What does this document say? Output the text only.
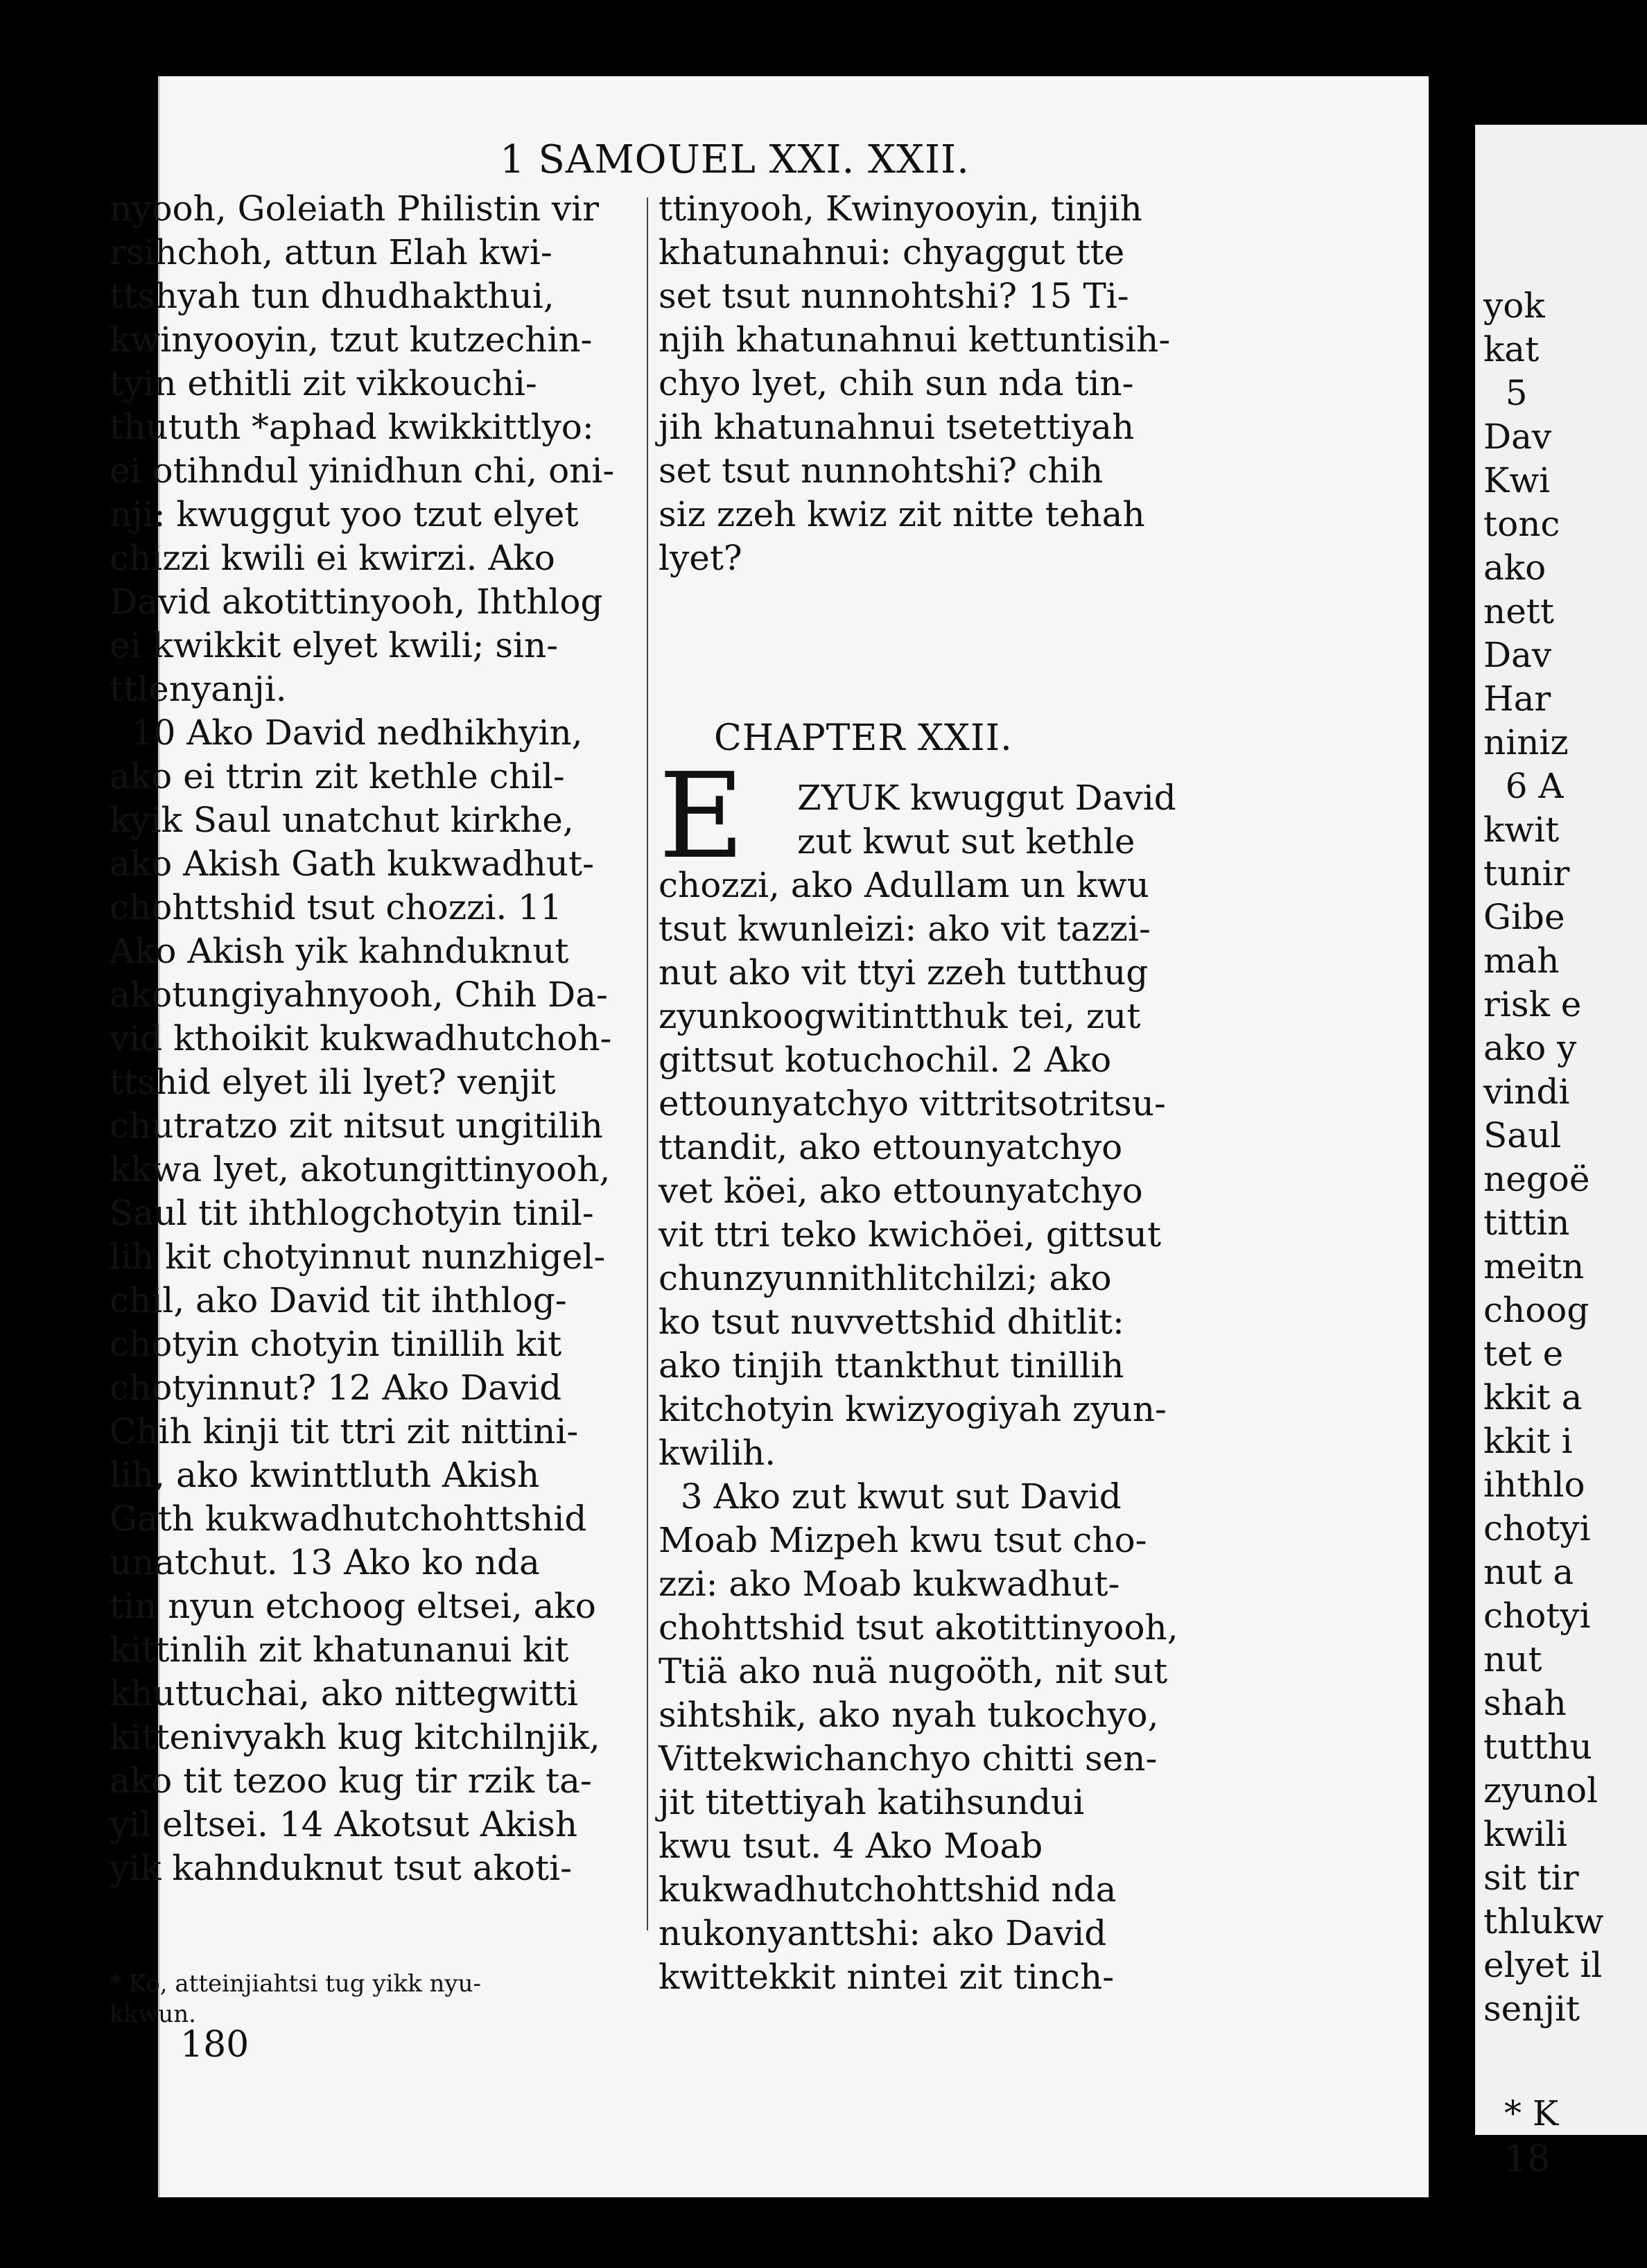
1 SAMOUEL XXI. XXII.
nyooh, Goleiath Philistin vir
rsihchoh, attun Elah kwi-
ttshyah tun dhudhakthui,
kwinyooyin, tzut kutzechin-
tyin ethitli zit vikkouchi-
thututh *aphad kwikkittlyo:
ei otihndul yinidhun chi, oni-
nji: kwuggut yoo tzut elyet
chizzi kwili ei kwirzi. Ako
David akotittinyooh, Ihthlog
ei kwikkit elyet kwili; sin-
ttlenyanji.
10 Ako David nedhikhyin,
ako ei ttrin zit kethle chil-
kyik Saul unatchut kirkhe,
ako Akish Gath kukwadhut-
chohttshid tsut chozzi. 11
Ako Akish yik kahnduknut
akotungiyahnyooh, Chih Da-
vid kthoikit kukwadhutchoh-
ttshid elyet ili lyet? venjit
chutratzo zit nitsut ungitilih
kkwa lyet, akotungittinyooh,
Saul tit ihthlogchotyin tinil-
lih kit chotyinnut nunzhigel-
chil, ako David tit ihthlog-
chotyin chotyin tinillih kit
chotyinnut? 12 Ako David
Chih kinji tit ttri zit nittini-
lih, ako kwinttluth Akish
Gath kukwadhutchohttshid
unatchut. 13 Ako ko nda
tin nyun etchoog eltsei, ako
kittinlih zit khatunanui kit
khuttuchai, ako nittegwitti
kittenivyakh kug kitchilnjik,
ako tit tezoo kug tir rzik ta-
yil eltsei. 14 Akotsut Akish
yik kahnduknut tsut akoti-
ttinyooh, Kwinyooyin, tinjih
khatunahnui: chyaggut tte
set tsut nunnohtshi? 15 Ti-
njih khatunahnui kettuntisih-
chyo lyet, chih sun nda tin-
jih khatunahnui tsetettiyah
set tsut nunnohtshi? chih
siz zzeh kwiz zit nitte tehah
lyet?
CHAPTER XXII.
E ZYUK kwuggut David
zut kwut sut kethle
chozzi, ako Adullam un kwu
tsut kwunleizi: ako vit tazzi-
nut ako vit ttyi zzeh tutthug
zyunkoogwitintthuk tei, zut
gittsut kotuchochil. 2 Ako
ettounyatchyo vittritsotritsu-
ttandit, ako ettounyatchyo
vet köei, ako ettounyatchyo
vit ttri teko kwichöei, gittsut
chunzyunnithlitchilzi; ako
ko tsut nuvvettshid dhitlit:
ako tinjih ttankthut tinillih
kitchotyin kwizyogiyah zyun-
kwilih.
3 Ako zut kwut sut David
Moab Mizpeh kwu tsut cho-
zzi: ako Moab kukwadhut-
chohttshid tsut akotittinyooh,
Ttiä ako nuä nugoöth, nit sut
sihtshik, ako nyah tukochyo,
Vittekwichanchyo chitti sen-
jit titettiyah katihsundui
kwu tsut. 4 Ako Moab
kukwadhutchohttshid nda
nukonyanttshi: ako David
kwittekkit nintei zit tinch-
* Ko, atteinjiahtsi tug yikk nyu-
kkwun.
180
yok
kat
5
Dav
Kwi
tonc
ako
nett
Dav
Har
niniz
6 A
kwit
tunir
Gibe
mah
risk e
ako y
vindi
Saul
negoë
tittin
meitn
choog
tet e
kkit a
kkit i
ihthlo
chotyi
nut a
chotyi
nut
shah
tutthu
zyunol
kwili
sit tir
thlukw
elyet il
senjit
* K
18
